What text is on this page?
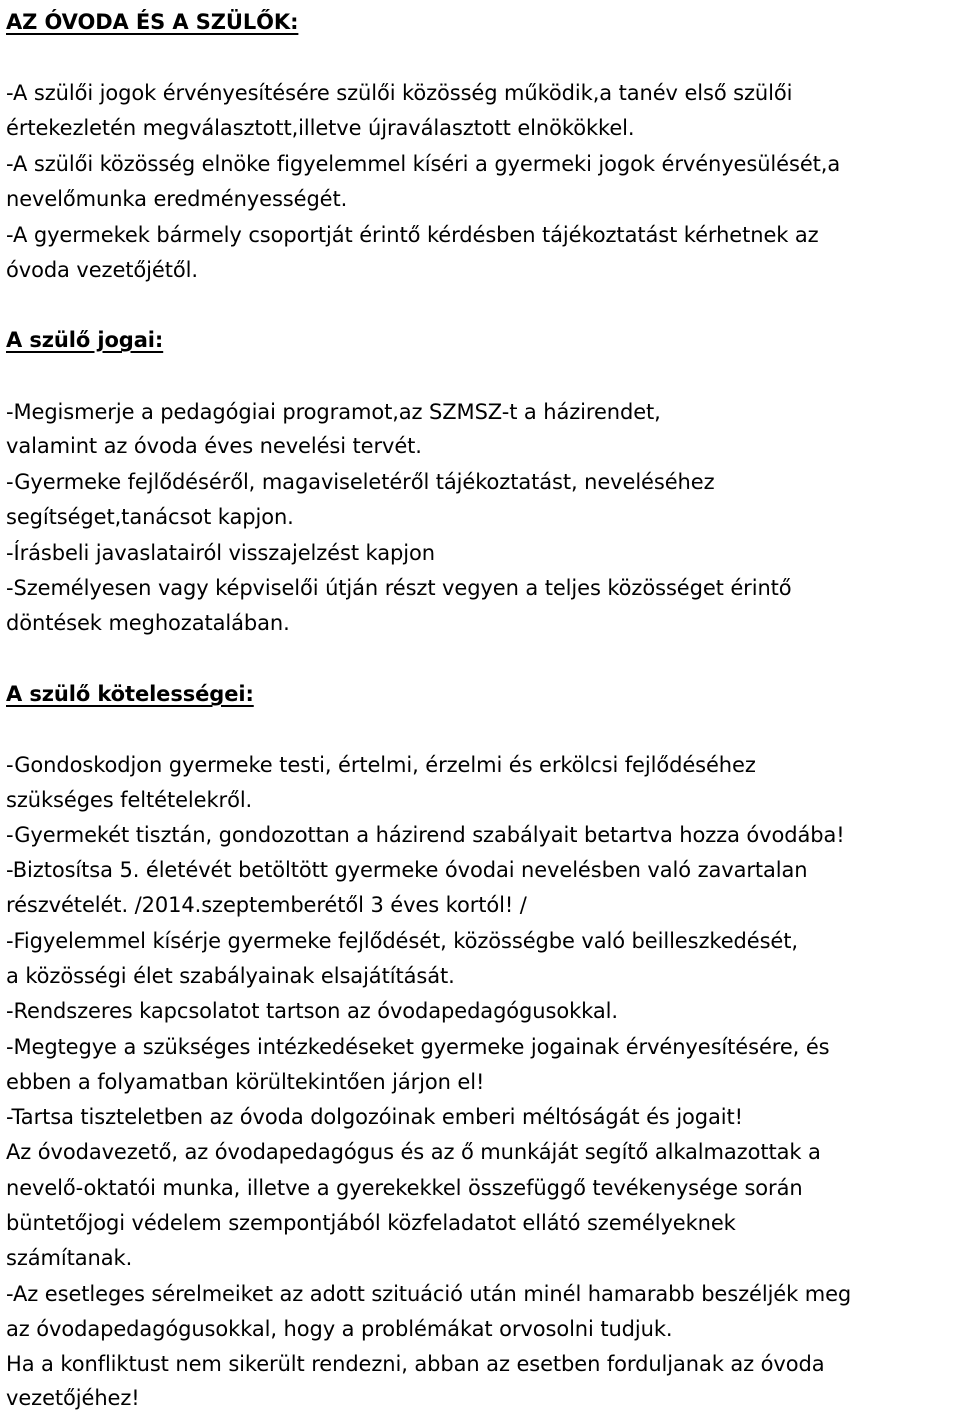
AZ ÓVODA ÉS A SZÜLŐK:
-A szülői jogok érvényesítésére szülői közösség működik,a tanév első szülői
értekezletén megválasztott,illetve újraválasztott elnökökkel.
-A szülői közösség elnöke figyelemmel kíséri a gyermeki jogok érvényesülését,a
nevelőmunka eredményességét.
-A gyermekek bármely csoportját érintő kérdésben tájékoztatást kérhetnek az
óvoda vezetőjétől.
A szülő jogai:
-Megismerje a pedagógiai programot,az SZMSZ-t a házirendet,
valamint az óvoda éves nevelési tervét.
-Gyermeke fejlődéséről, magaviseletéről tájékoztatást, neveléséhez
segítséget,tanácsot kapjon.
-Írásbeli javaslatairól visszajelzést kapjon
-Személyesen vagy képviselői útján részt vegyen a teljes közösséget érintő
döntések meghozatalában.
A szülő kötelességei:
-Gondoskodjon gyermeke testi, értelmi, érzelmi és erkölcsi fejlődéséhez
szükséges feltételekről.
-Gyermekét tisztán, gondozottan a házirend szabályait betartva hozza óvodába!
-Biztosítsa 5. életévét betöltött gyermeke óvodai nevelésben való zavartalan
részvételét. /2014.szeptemberétől 3 éves kortól! /
-Figyelemmel kísérje gyermeke fejlődését, közösségbe való beilleszkedését,
a közösségi élet szabályainak elsajátítását.
-Rendszeres kapcsolatot tartson az óvodapedagógusokkal.
-Megtegye a szükséges intézkedéseket gyermeke jogainak érvényesítésére, és
ebben a folyamatban körültekintően járjon el!
-Tartsa tiszteletben az óvoda dolgozóinak emberi méltóságát és jogait!
Az óvodavezető, az óvodapedagógus és az ő munkáját segítő alkalmazottak a
nevelő-oktatói munka, illetve a gyerekekkel összefüggő tevékenysége során
büntetőjogi védelem szempontjából közfeladatot ellátó személyeknek
számítanak.
-Az esetleges sérelmeiket az adott szituáció után minél hamarabb beszéljék meg
az óvodapedagógusokkal, hogy a problémákat orvosolni tudjuk.
Ha a konfliktust nem sikerült rendezni, abban az esetben forduljanak az óvoda
vezetőjéhez!
